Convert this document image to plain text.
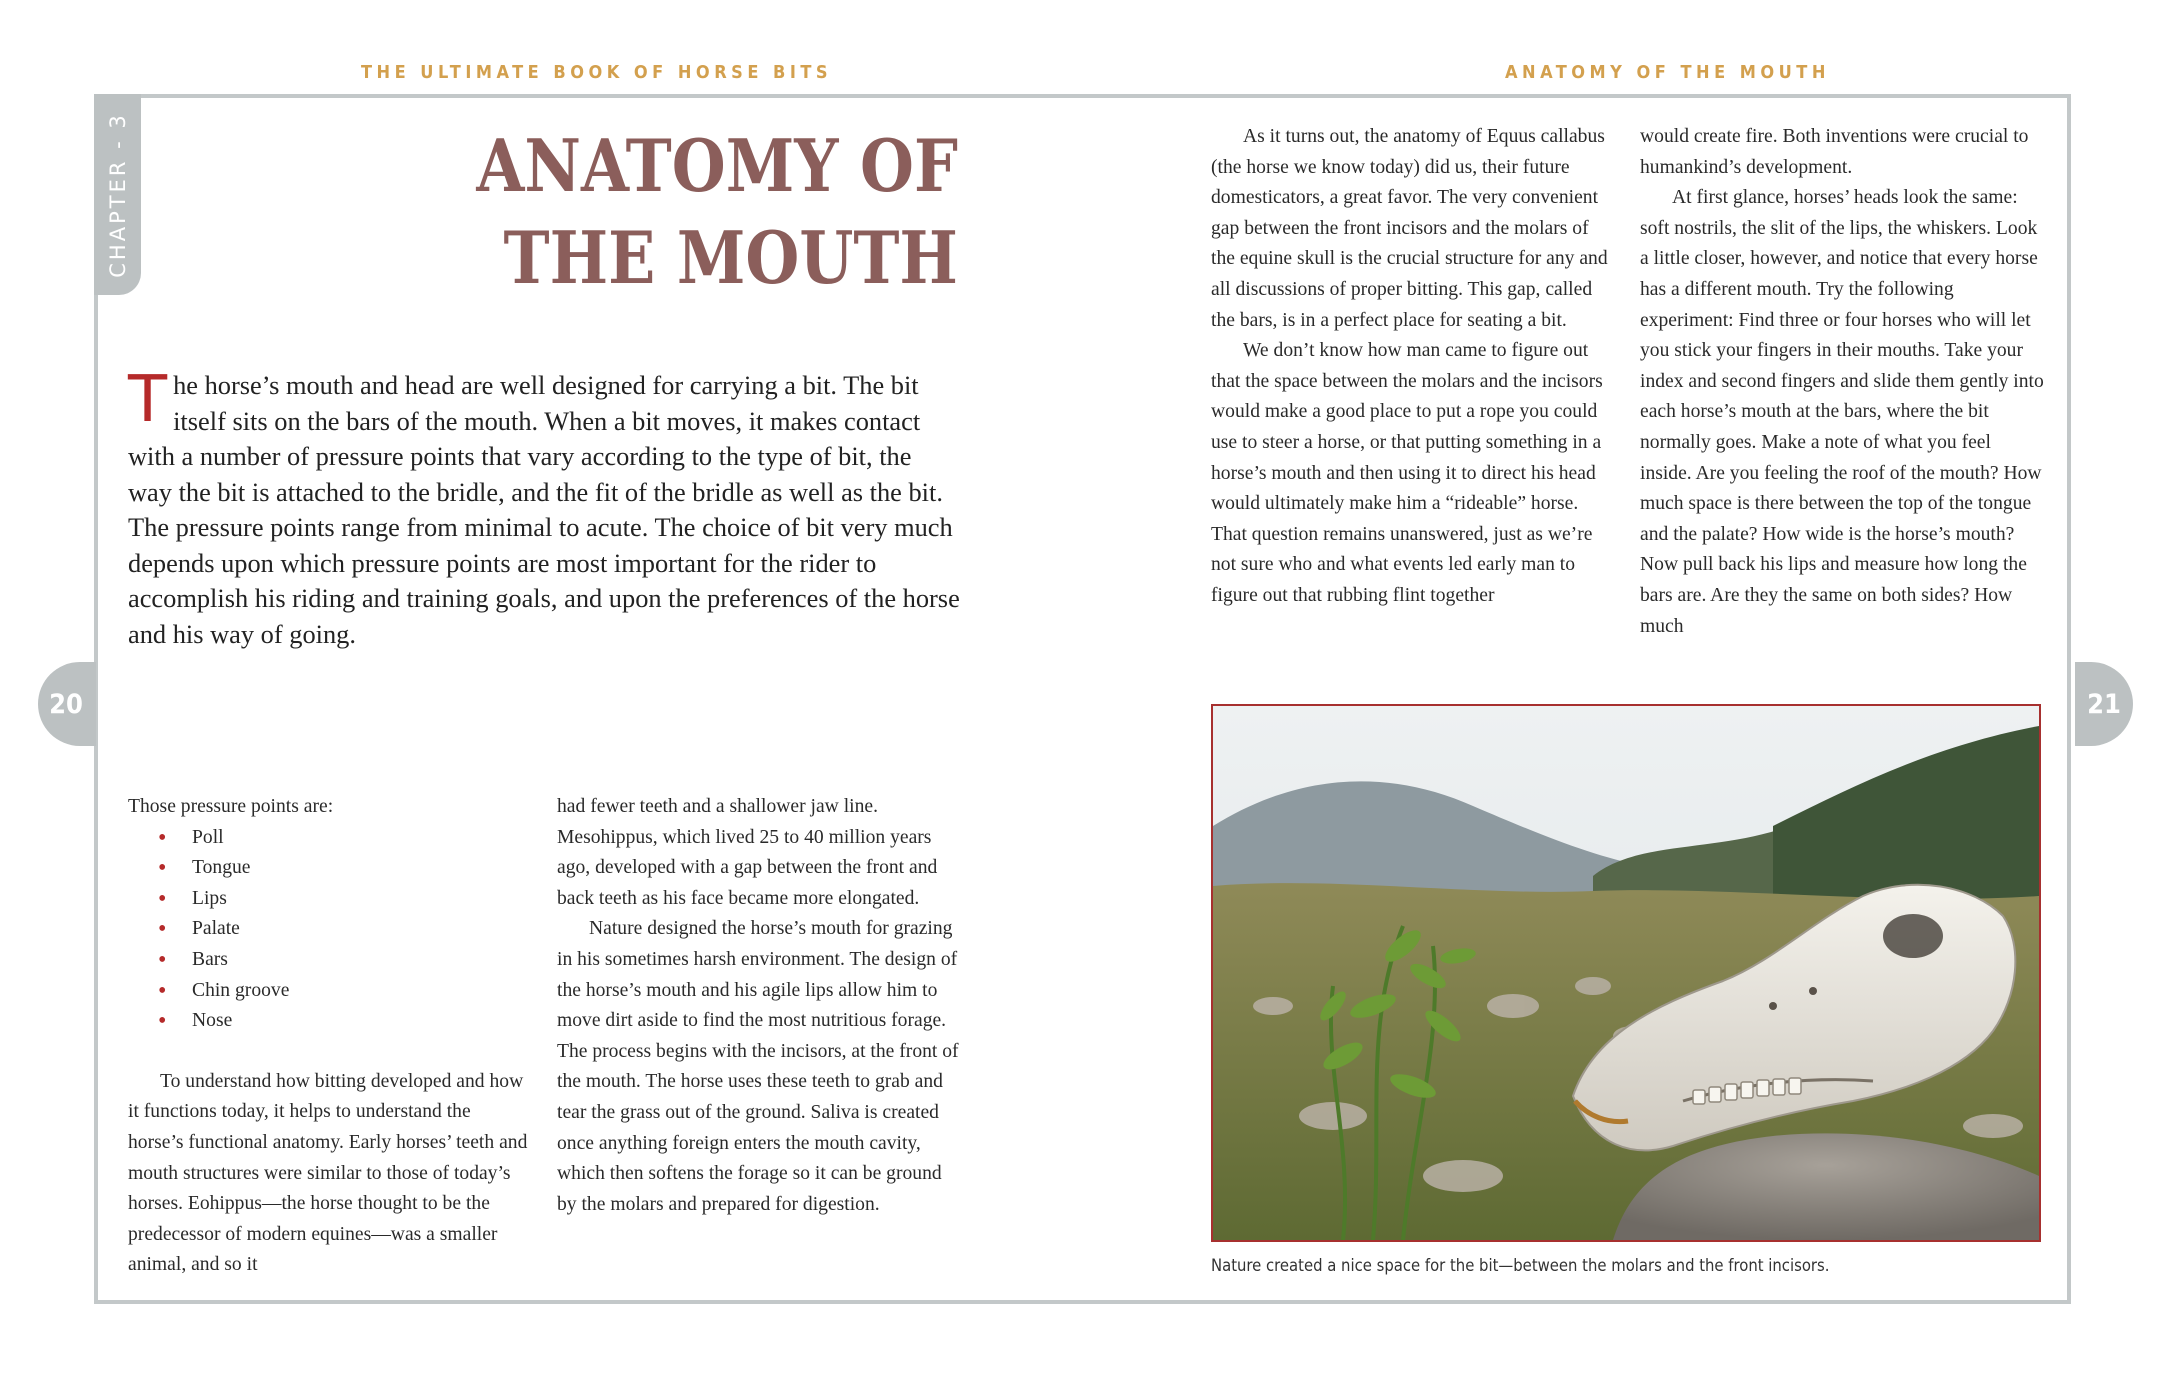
THE ULTIMATE BOOK OF HORSE BITS	ANATOMY OF THE MOUTH
CHAPTER - 3
20	21
ANATOMY OF
THE MOUTH

The horse’s mouth and head are well designed for carrying a bit. The bit itself sits on the bars of the mouth. When a bit moves, it makes contact with a number of pressure points that vary according to the type of bit, the way the bit is attached to the bridle, and the fit of the bridle as well as the bit. The pressure points range from minimal to acute. The choice of bit very much depends upon which pressure points are most important for the rider to accomplish his riding and training goals, and upon the preferences of the horse and his way of going.

Those pressure points are:

• Poll
• Tongue
• Lips
• Palate
• Bars
• Chin groove
• Nose

To understand how bitting developed and how it functions today, it helps to understand the horse’s functional anatomy. Early horses’ teeth and mouth structures were similar to those of today’s horses. Eohippus—the horse thought to be the predecessor of modern equines—was a smaller animal, and so it

had fewer teeth and a shallower jaw line. Mesohippus, which lived 25 to 40 million years ago, developed with a gap between the front and back teeth as his face became more elongated.

Nature designed the horse’s mouth for grazing in his sometimes harsh environment. The design of the horse’s mouth and his agile lips allow him to move dirt aside to find the most nutritious forage. The process begins with the incisors, at the front of the mouth. The horse uses these teeth to grab and tear the grass out of the ground. Saliva is created once anything foreign enters the mouth cavity, which then softens the forage so it can be ground by the molars and prepared for digestion.

As it turns out, the anatomy of Equus callabus (the horse we know today) did us, their future domesticators, a great favor. The very convenient gap between the front incisors and the molars of the equine skull is the crucial structure for any and all discussions of proper bitting. This gap, called the bars, is in a perfect place for seating a bit.

We don’t know how man came to figure out that the space between the molars and the incisors would make a good place to put a rope you could use to steer a horse, or that putting something in a horse’s mouth and then using it to direct his head would ultimately make him a “rideable” horse. That question remains unanswered, just as we’re not sure who and what events led early man to figure out that rubbing flint together

would create fire. Both inventions were crucial to humankind’s development.

At first glance, horses’ heads look the same: soft nostrils, the slit of the lips, the whiskers. Look a little closer, however, and notice that every horse has a different mouth. Try the following experiment: Find three or four horses who will let you stick your fingers in their mouths. Take your index and second fingers and slide them gently into each horse’s mouth at the bars, where the bit normally goes. Make a note of what you feel inside. Are you feeling the roof of the mouth? How much space is there between the top of the tongue and the palate? How wide is the horse’s mouth? Now pull back his lips and measure how long the bars are. Are they the same on both sides? How much

Nature created a nice space for the bit—between the molars and the front incisors.
